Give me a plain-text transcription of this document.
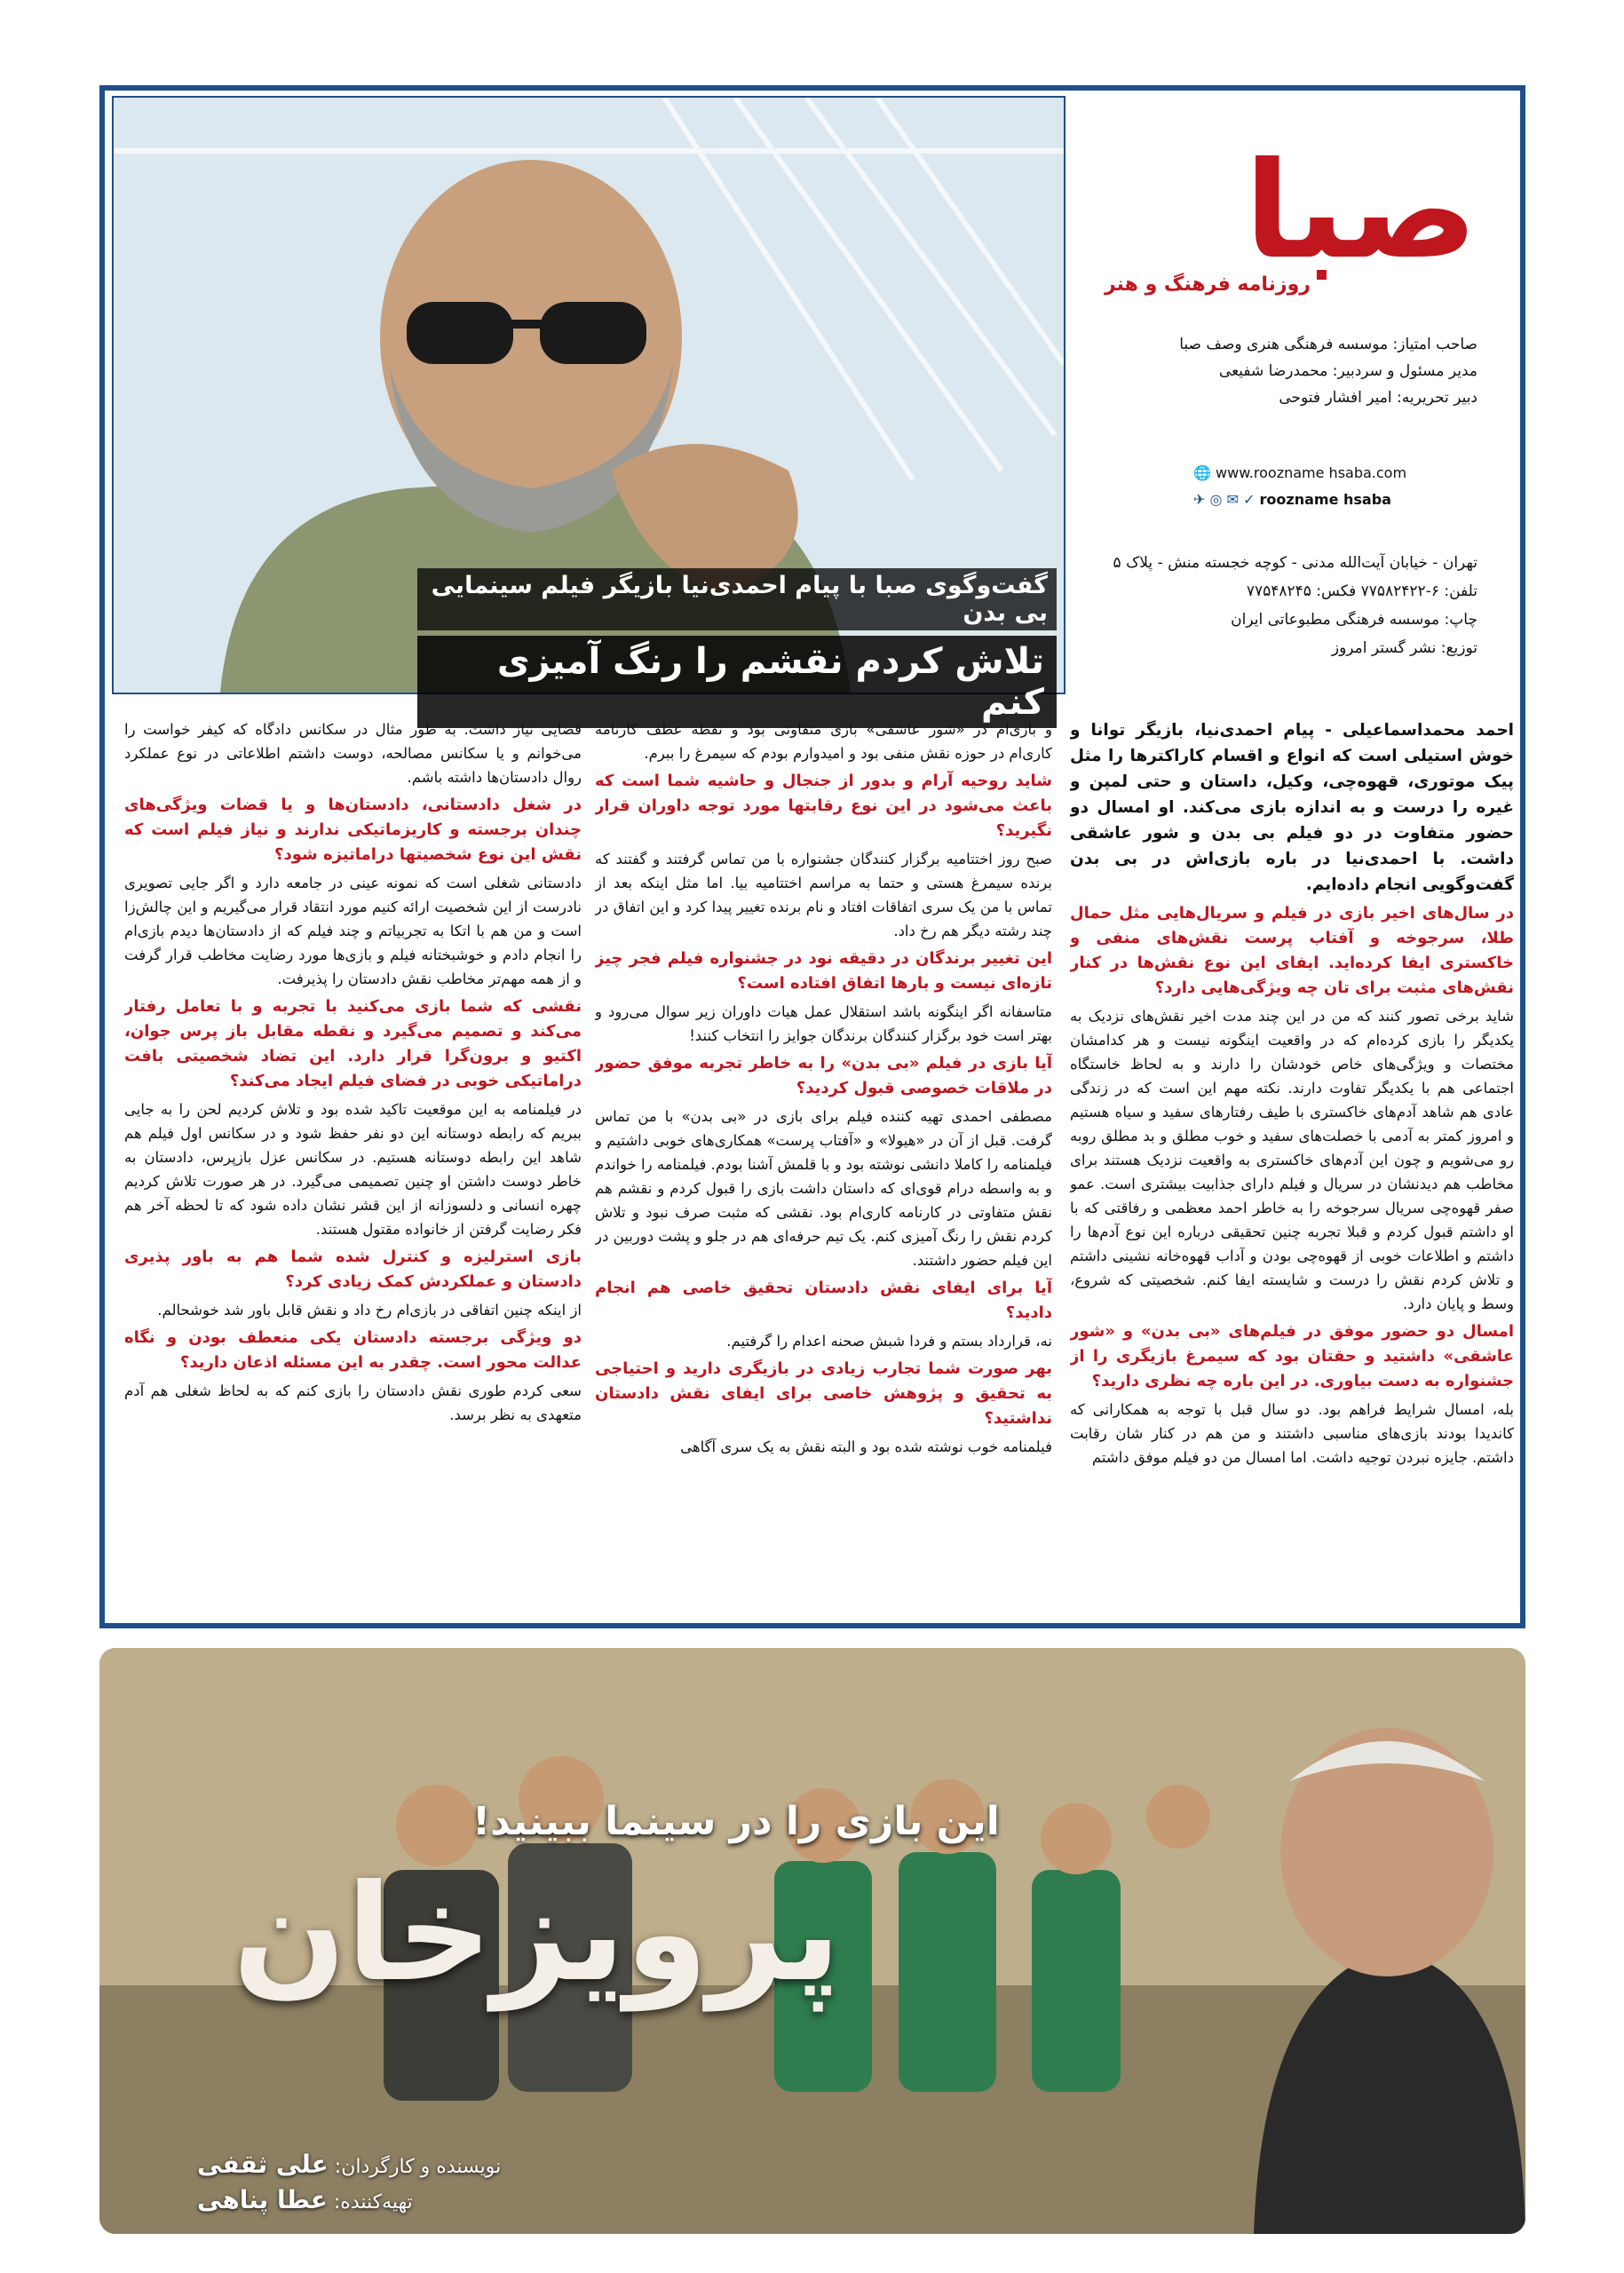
گفت‌وگوی صبا با پیام احمدی‌نیا بازیگر فیلم سینمایی بی بدن
تلاش کردم نقشم را رنگ آمیزی کنم
صبا
روزنامه فرهنگ و هنر
صاحب امتیاز: موسسه فرهنگی هنری وصف صبا
مدیر مسئول و سردبیر: محمدرضا شفیعی
دبیر تحریریه: امیر افشار فتوحی
🌐 www.roozname hsaba.com
✈ ◎ ✉ ✓ roozname hsaba
تهران - خیابان آیت‌الله مدنی - کوچه خجسته منش - پلاک ۵
تلفن: ۶-۷۷۵۸۲۴۲۲ فکس: ۷۷۵۴۸۲۴۵
چاپ: موسسه فرهنگی مطبوعاتی ایران
توزیع: نشر گستر امروز

احمد محمداسماعیلی - پیام احمدی‌نیا، بازیگر توانا و خوش استیلی است که انواع و اقسام کاراکترها را مثل پیک موتوری، قهوه‌چی، وکیل، داستان و حتی لمپن و غیره را درست و به اندازه بازی می‌کند. او امسال دو حضور متفاوت در دو فیلم بی بدن و شور عاشقی داشت. با احمدی‌نیا در باره بازی‌اش در بی بدن گفت‌وگویی انجام داده‌ایم.

در سال‌های اخیر بازی در فیلم و سریال‌هایی مثل حمال طلا، سرجوخه و آفتاب پرست نقش‌های منفی و خاکستری ایفا کرده‌اید. ایفای این نوع نقش‌ها در کنار نقش‌های مثبت برای تان چه ویژگی‌هایی دارد؟

شاید برخی تصور کنند که من در این چند مدت اخیر نقش‌های نزدیک به یکدیگر را بازی کرده‌ام که در واقعیت اینگونه نیست و هر کدامشان مختصات و ویژگی‌های خاص خودشان را دارند و به لحاظ خاستگاه اجتماعی هم با یکدیگر تفاوت دارند. نکته مهم این است که در زندگی عادی هم شاهد آدم‌های خاکستری با طیف رفتارهای سفید و سیاه هستیم و امروز کمتر به آدمی با خصلت‌های سفید و خوب مطلق و بد مطلق روبه رو می‌شویم و چون این آدم‌های خاکستری به واقعیت نزدیک هستند برای مخاطب هم دیدنشان در سریال و فیلم دارای جذابیت بیشتری است. عمو صفر قهوه‌چی سریال سرجوخه را به خاطر احمد معظمی و رفاقتی که با او داشتم قبول کردم و قبلا تجربه چنین تحقیقی درباره این نوع آدم‌ها را داشتم و اطلاعات خوبی از قهوه‌چی بودن و آداب قهوه‌خانه نشینی داشتم و تلاش کردم نقش را درست و شایسته ایفا کنم. شخصیتی که شروع، وسط و پایان دارد.

امسال دو حضور موفق در فیلم‌های «بی بدن» و «شور عاشقی» داشتید و حقتان بود که سیمرغ بازیگری را از جشنواره به دست بیاوری. در این باره چه نظری دارید؟

بله، امسال شرایط فراهم بود. دو سال قبل با توجه به همکارانی که کاندیدا بودند بازی‌های مناسبی داشتند و من هم در کنار شان رقابت داشتم. جایزه نبردن توجیه داشت. اما امسال من دو فیلم موفق داشتم

و بازی‌ام در «شور عاشقی» بازی متفاوتی بود و نقطه عطف کارنامه کاری‌ام در حوزه نقش منفی بود و امیدوارم بودم که سیمرغ را ببرم.

شاید روحیه آرام و بدور از جنجال و حاشیه شما است که باعث می‌شود در این نوع رقابتها مورد توجه داوران قرار نگیرید؟

صبح روز اختتامیه برگزار کنندگان جشنواره با من تماس گرفتند و گفتند که برنده سیمرغ هستی و حتما به مراسم اختتامیه بیا. اما مثل اینکه بعد از تماس با من یک سری اتفاقات افتاد و نام برنده تغییر پیدا کرد و این اتفاق در چند رشته دیگر هم رخ داد.

این تغییر برندگان در دقیقه نود در جشنواره فیلم فجر چیز تازه‌ای نیست و بارها اتفاق افتاده است؟

متاسفانه اگر اینگونه باشد استقلال عمل هیات داوران زیر سوال می‌رود و بهتر است خود برگزار کنندگان برندگان جوایز را انتخاب کنند!

آیا بازی در فیلم «بی بدن» را به خاطر تجربه موفق حضور در ملاقات خصوصی قبول کردید؟

مصطفی احمدی تهیه کننده فیلم برای بازی در «بی بدن» با من تماس گرفت. قبل از آن در «هیولا» و «آفتاب پرست» همکاری‌های خوبی داشتیم و فیلمنامه را کاملا دانشی نوشته بود و با قلمش آشنا بودم. فیلمنامه را خواندم و به واسطه درام قوی‌ای که داستان داشت بازی را قبول کردم و نقشم هم نقش متفاوتی در کارنامه کاری‌ام بود. نقشی که مثبت صرف نبود و تلاش کردم نقش را رنگ آمیزی کنم. یک تیم حرفه‌ای هم در جلو و پشت دوربین در این فیلم حضور داشتند.

آیا برای ایفای نقش دادستان تحقیق خاصی هم انجام دادید؟

نه، قرارداد بستم و فردا شبش صحنه اعدام را گرفتیم.

بهر صورت شما تجارب زیادی در بازیگری دارید و احتیاجی به تحقیق و پژوهش خاصی برای ایفای نقش دادستان نداشتید؟

فیلمنامه خوب نوشته شده بود و البته نقش به یک سری آگاهی

قضایی نیاز داشت. به طور مثال در سکانس دادگاه که کیفر خواست را می‌خوانم و یا سکانس مصالحه، دوست داشتم اطلاعاتی در نوع عملکرد روال دادستان‌ها داشته باشم.

در شغل دادستانی، دادستان‌ها و یا قضات ویژگی‌های چندان برجسته و کاریزماتیکی ندارند و نیاز فیلم است که نقش این نوع شخصیتها دراماتیزه شود؟

دادستانی شغلی است که نمونه عینی در جامعه دارد و اگر جایی تصویری نادرست از این شخصیت ارائه کنیم مورد انتقاد قرار می‌گیریم و این چالش‌زا است و من هم با اتکا به تجربیاتم و چند فیلم که از دادستان‌ها دیدم بازی‌ام را انجام دادم و خوشبختانه فیلم و بازی‌ها مورد رضایت مخاطب قرار گرفت و از همه مهم‌تر مخاطب نقش دادستان را پذیرفت.

نقشی که شما بازی می‌کنید با تجربه و با تعامل رفتار می‌کند و تصمیم می‌گیرد و نقطه مقابل باز پرس جوان، اکتیو و برون‌گرا قرار دارد. این تضاد شخصیتی بافت دراماتیکی خوبی در فضای فیلم ایجاد می‌کند؟

در فیلمنامه به این موقعیت تاکید شده بود و تلاش کردیم لحن را به جایی ببریم که رابطه دوستانه این دو نفر حفظ شود و در سکانس اول فیلم هم شاهد این رابطه دوستانه هستیم. در سکانس عزل بازپرس، دادستان به خاطر دوست داشتن او چنین تصمیمی می‌گیرد. در هر صورت تلاش کردیم چهره انسانی و دلسوزانه از این قشر نشان داده شود که تا لحظه آخر هم فکر رضایت گرفتن از خانواده مقتول هستند.

بازی استرلیزه و کنترل شده شما هم به باور پذیری دادستان و عملکردش کمک زیادی کرد؟

از اینکه چنین اتفاقی در بازی‌ام رخ داد و نقش قابل باور شد خوشحالم.

دو ویژگی برجسته دادستان یکی منعطف بودن و نگاه عدالت محور است. چقدر به این مسئله اذعان دارید؟

سعی کردم طوری نقش دادستان را بازی کنم که به لحاظ شغلی هم آدم متعهدی به نظر برسد.

این بازی را در سینما ببینید!
پرویزخان
نویسنده و کارگردان: علی ثقفی
تهیه‌کننده: عطا پناهی
